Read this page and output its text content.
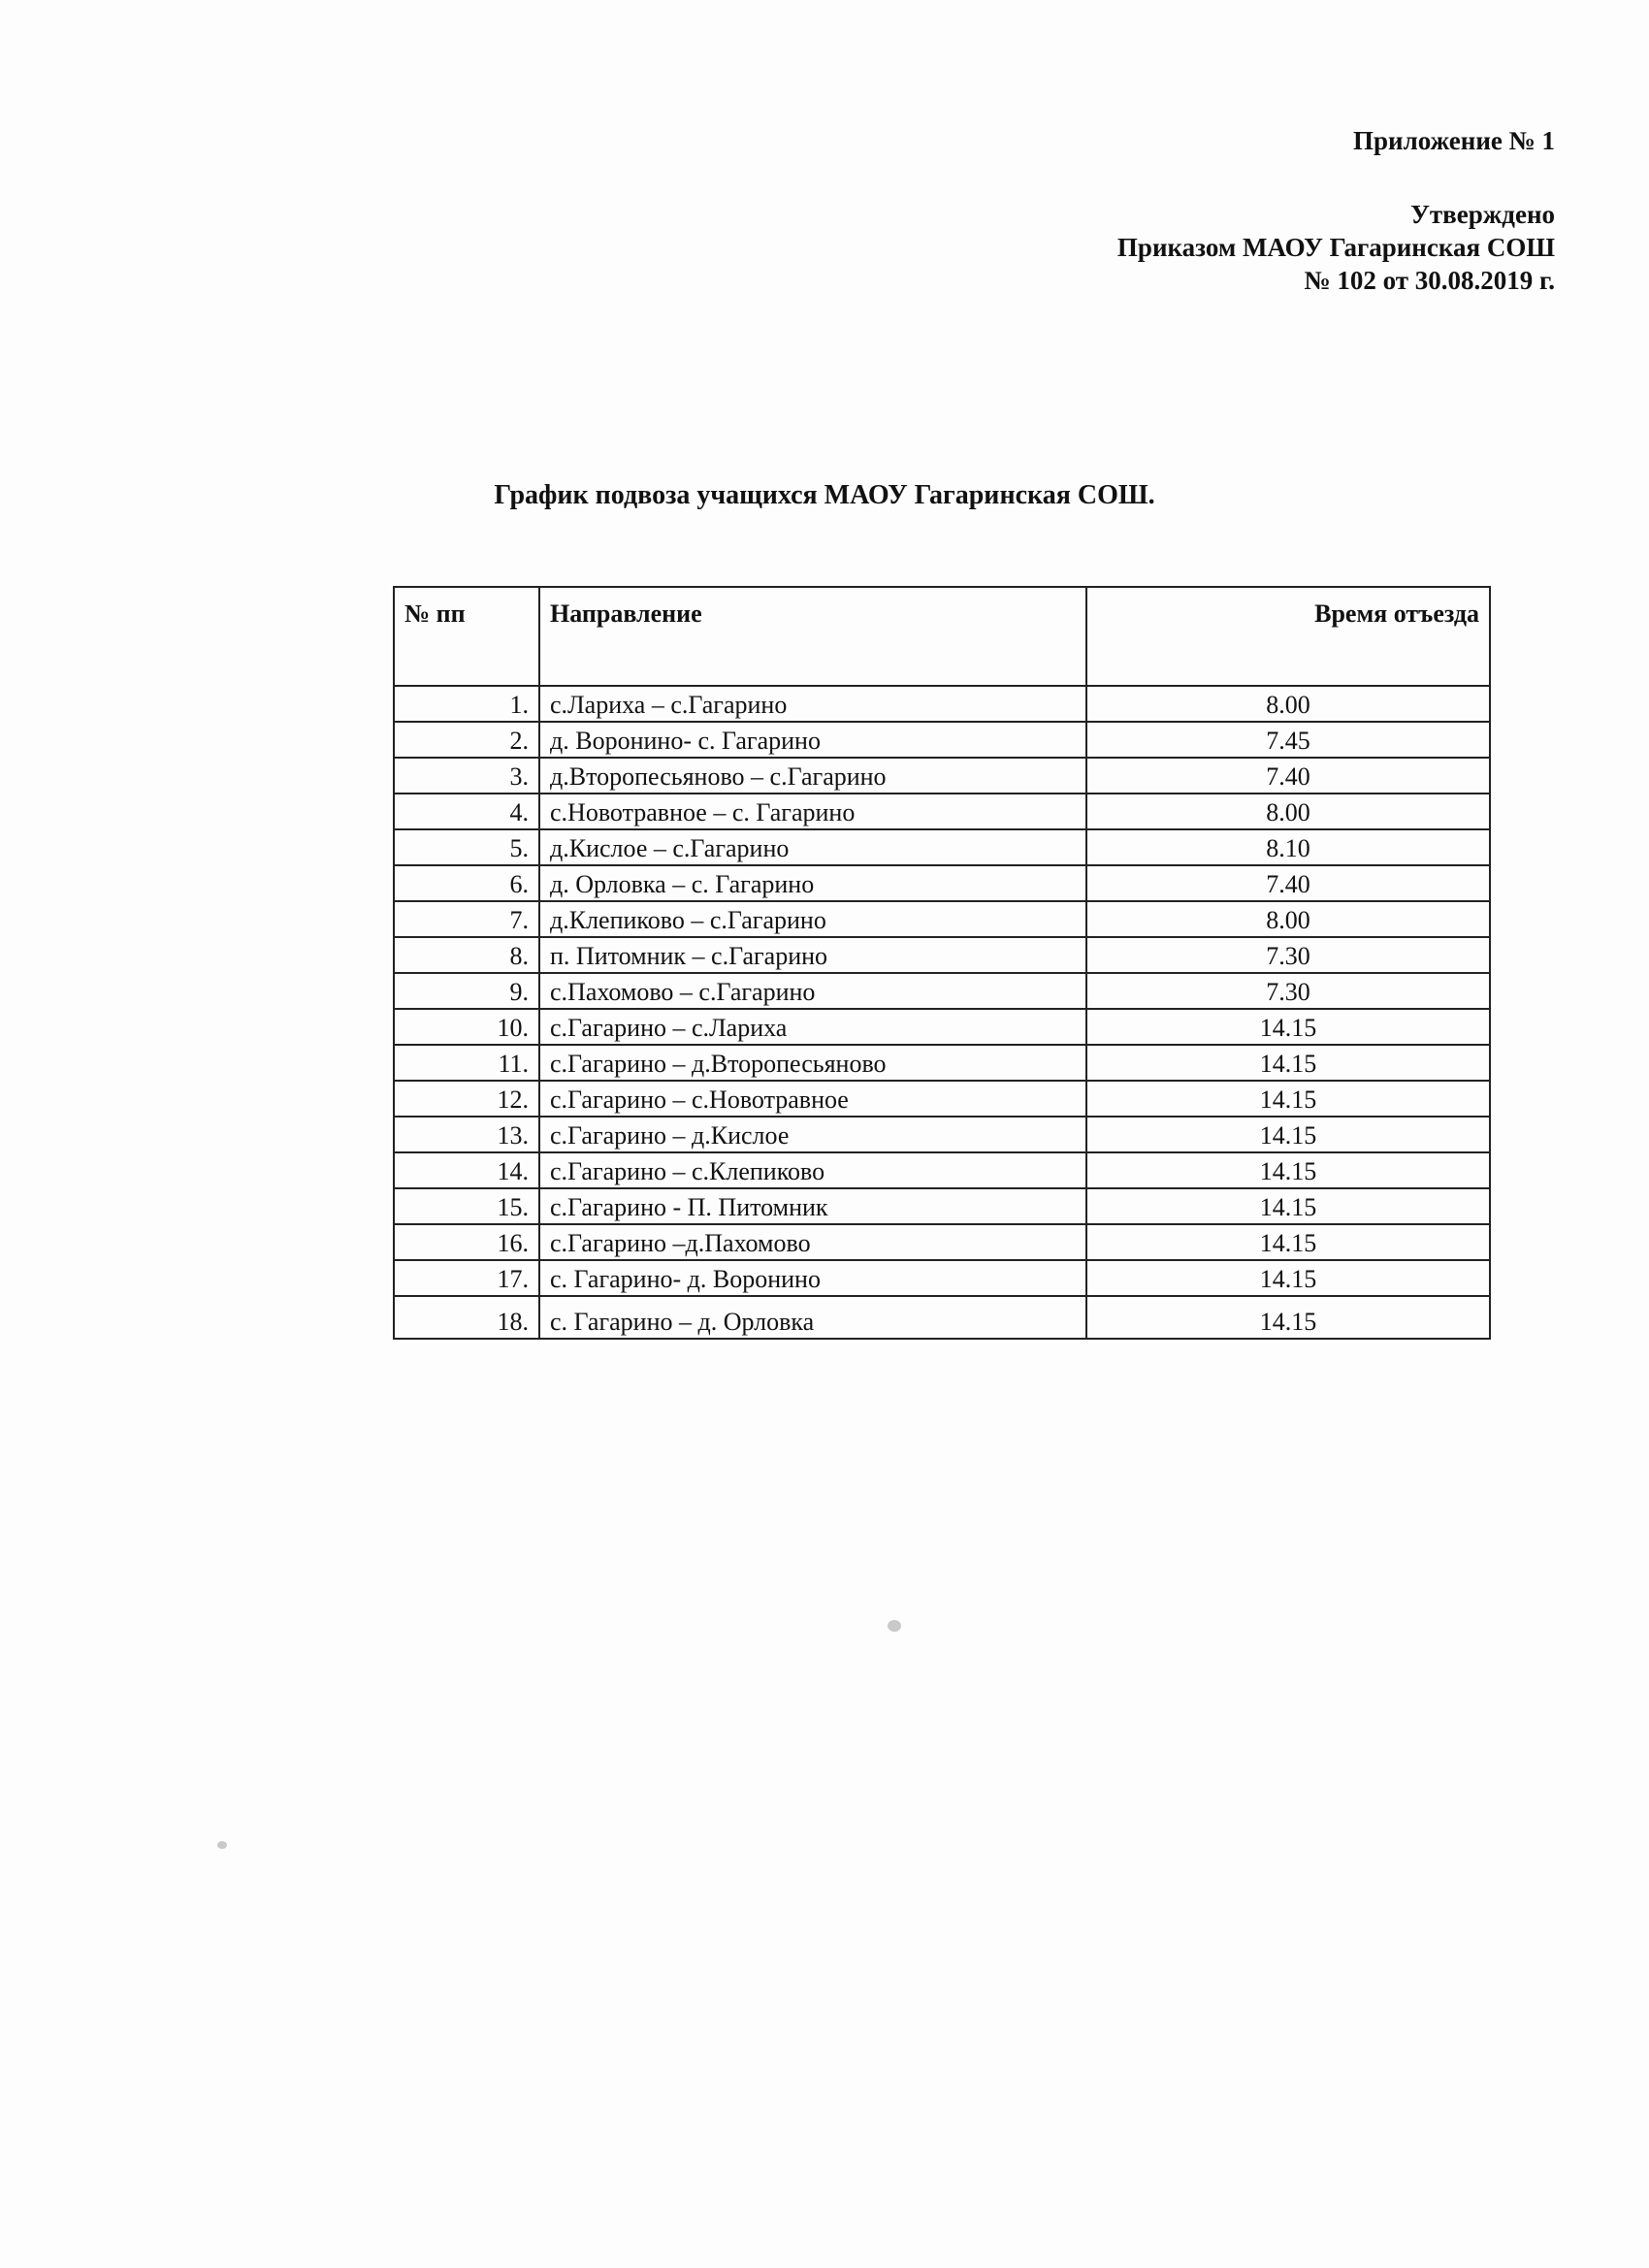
Приложение № 1
Утверждено
Приказом МАОУ Гагаринская СОШ
№ 102 от 30.08.2019 г.
График подвоза учащихся МАОУ Гагаринская СОШ.
№ пп	Направление	Время отъезда
1.	с.Лариха – с.Гагарино	8.00
2.	д. Воронино- с. Гагарино	7.45
3.	д.Второпесьяново – с.Гагарино	7.40
4.	с.Новотравное – с. Гагарино	8.00
5.	д.Кислое – с.Гагарино	8.10
6.	д. Орловка – с. Гагарино	7.40
7.	д.Клепиково – с.Гагарино	8.00
8.	п. Питомник – с.Гагарино	7.30
9.	с.Пахомово – с.Гагарино	7.30
10.	с.Гагарино – с.Лариха	14.15
11.	с.Гагарино – д.Второпесьяново	14.15
12.	с.Гагарино – с.Новотравное	14.15
13.	с.Гагарино – д.Кислое	14.15
14.	с.Гагарино – с.Клепиково	14.15
15.	с.Гагарино - П. Питомник	14.15
16.	с.Гагарино –д.Пахомово	14.15
17.	с. Гагарино- д. Воронино	14.15
18.	с. Гагарино – д. Орловка	14.15
